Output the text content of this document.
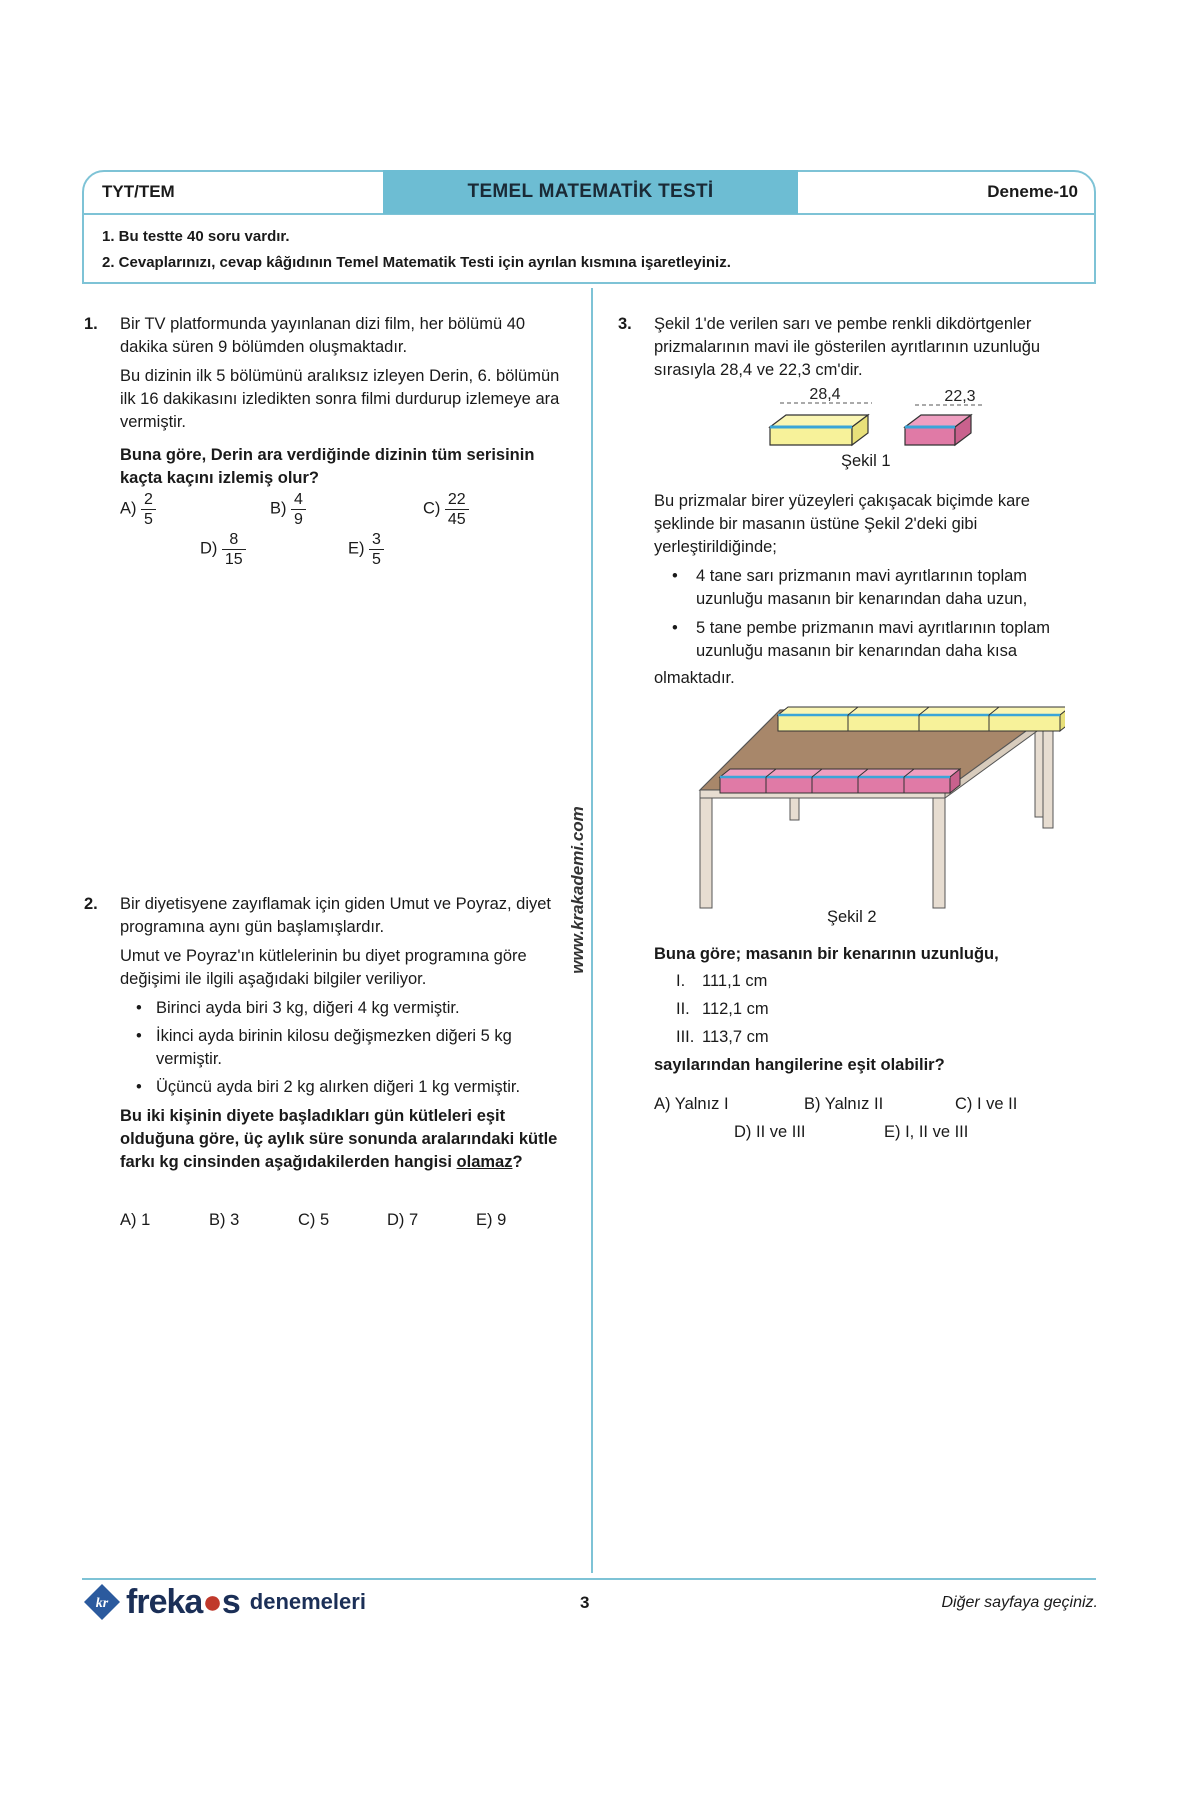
TYT/TEM	TEMEL MATEMATİK TESTİ	Deneme-10
1. Bu testte 40 soru vardır.
2. Cevaplarınızı, cevap kâğıdının Temel Matematik Testi için ayrılan kısmına işaretleyiniz.
www.krakademi.com
1. Bir TV platformunda yayınlanan dizi film, her bölümü 40 dakika süren 9 bölümden oluşmaktadır.

Bu dizinin ilk 5 bölümünü aralıksız izleyen Derin, 6. bölümün ilk 16 dakikasını izledikten sonra filmi durdurup izlemeye ara vermiştir.

Buna göre, Derin ara verdiğinde dizinin tüm serisinin kaçta kaçını izlemiş olur?

$A) \frac{2}{5}$	$B) \frac{4}{9}$	$C) \frac{22}{45}$
$D) \frac{8}{15}$	$E) \frac{3}{5}$
2. Bir diyetisyene zayıflamak için giden Umut ve Poyraz, diyet programına aynı gün başlamışlardır.

Umut ve Poyraz'ın kütlelerinin bu diyet programına göre değişimi ile ilgili aşağıdaki bilgiler veriliyor.

• Birinci ayda biri 3 kg, diğeri 4 kg vermiştir.

• İkinci ayda birinin kilosu değişmezken diğeri 5 kg vermiştir.

• Üçüncü ayda biri 2 kg alırken diğeri 1 kg vermiştir.

Bu iki kişinin diyete başladıkları gün kütleleri eşit olduğuna göre, üç aylık süre sonunda aralarındaki kütle farkı kg cinsinden aşağıdakilerden hangisi olamaz?

A) 1	B) 3	C) 5	D) 7	E) 9
3. Şekil 1'de verilen sarı ve pembe renkli dikdörtgenler prizmalarının mavi ile gösterilen ayrıtlarının uzunluğu sırasıyla 28,4 ve 22,3 cm'dir.

28,4	22,3
Şekil 1

Bu prizmalar birer yüzeyleri çakışacak biçimde kare şeklinde bir masanın üstüne Şekil 2'deki gibi yerleştirildiğinde;

• 4 tane sarı prizmanın mavi ayrıtlarının toplam uzunluğu masanın bir kenarından daha uzun,

• 5 tane pembe prizmanın mavi ayrıtlarının toplam uzunluğu masanın bir kenarından daha kısa

olmaktadır.

Şekil 2

Buna göre; masanın bir kenarının uzunluğu,

I. 111,1 cm

II. 112,1 cm

III. 113,7 cm

sayılarından hangilerine eşit olabilir?

A) Yalnız I	B) Yalnız II	C) I ve II
D) II ve III	E) I, II ve III
kr freka●s denemeleri	3	Diğer sayfaya geçiniz.
